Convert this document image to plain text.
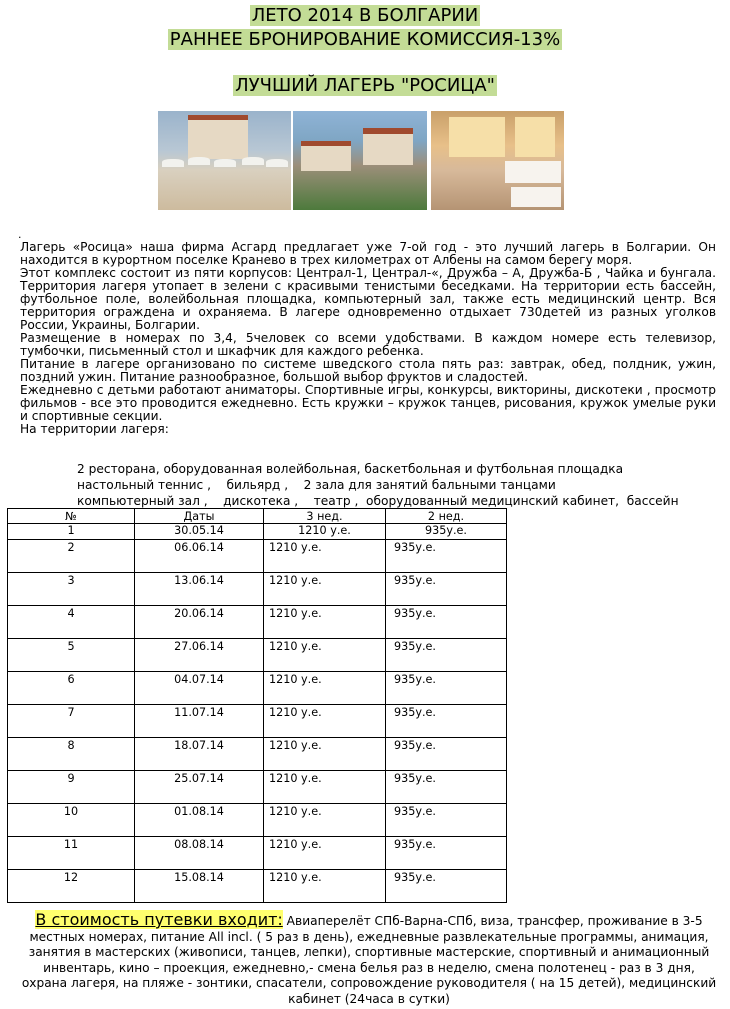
ЛЕТО 2014 В БОЛГАРИИ
РАННЕЕ БРОНИРОВАНИЕ КОМИССИЯ-13%
ЛУЧШИЙ ЛАГЕРЬ "РОСИЦА"
.

Лагерь «Росица» наша фирма Асгард предлагает уже 7-ой год - это лучший лагерь в Болгарии. Он находится в курортном поселке Кранево в трех километрах от Албены на самом берегу моря.

Этот комплекс состоит из пяти корпусов: Централ-1, Централ-«, Дружба – А, Дружба-Б , Чайка и бунгала. Территория лагеря утопает в зелени с красивыми тенистыми беседками. На территории есть бассейн, футбольное поле, волейбольная площадка, компьютерный зал, также есть медицинский центр. Вся территория ограждена и охраняема. В лагере одновременно отдыхает 730детей из разных уголков России, Украины, Болгарии.

Размещение в номерах по 3,4, 5человек со всеми удобствами. В каждом номере есть телевизор, тумбочки, письменный стол и шкафчик для каждого ребенка.

Питание в лагере организовано по системе шведского стола пять раз: завтрак, обед, полдник, ужин, поздний ужин. Питание разнообразное, большой выбор фруктов и сладостей.

Ежедневно с детьми работают аниматоры. Спортивные игры, конкурсы, викторины, дискотеки , просмотр фильмов - все это проводится ежедневно. Есть кружки – кружок танцев, рисования, кружок умелые руки и спортивные секции.

На территории лагеря:

2 ресторана, оборудованная волейбольная, баскетбольная и футбольная площадка
настольный теннис ,    бильярд ,    2 зала для занятий бальными танцами
компьютерный зал ,    дискотека ,    театр ,  оборудованный медицинский кабинет,  бассейн
№	Даты	3 нед.	2 нед.
1	30.05.14	1210 у.е.	935у.е.
2	06.06.14	1210 у.е.	935у.е.
3	13.06.14	1210 у.е.	935у.е.
4	20.06.14	1210 у.е.	935у.е.
5	27.06.14	1210 у.е.	935у.е.
6	04.07.14	1210 у.е.	935у.е.
7	11.07.14	1210 у.е.	935у.е.
8	18.07.14	1210 у.е.	935у.е.
9	25.07.14	1210 у.е.	935у.е.
10	01.08.14	1210 у.е.	935у.е.
11	08.08.14	1210 у.е.	935у.е.
12	15.08.14	1210 у.е.	935у.е.
В стоимость путевки входит: Авиаперелёт СПб-Варна-СПб, виза, трансфер, проживание в 3-5 местных номерах, питание All incl. ( 5 раз в день), ежедневные развлекательные программы, анимация, занятия в мастерских (живописи, танцев, лепки), спортивные мастерские, спортивный и анимационный инвентарь, кино – проекция, ежедневно,- смена белья раз в неделю, смена полотенец - раз в 3 дня, охрана лагеря, на пляже - зонтики, спасатели, сопровождение руководителя ( на 15 детей), медицинский кабинет (24часа в сутки)
